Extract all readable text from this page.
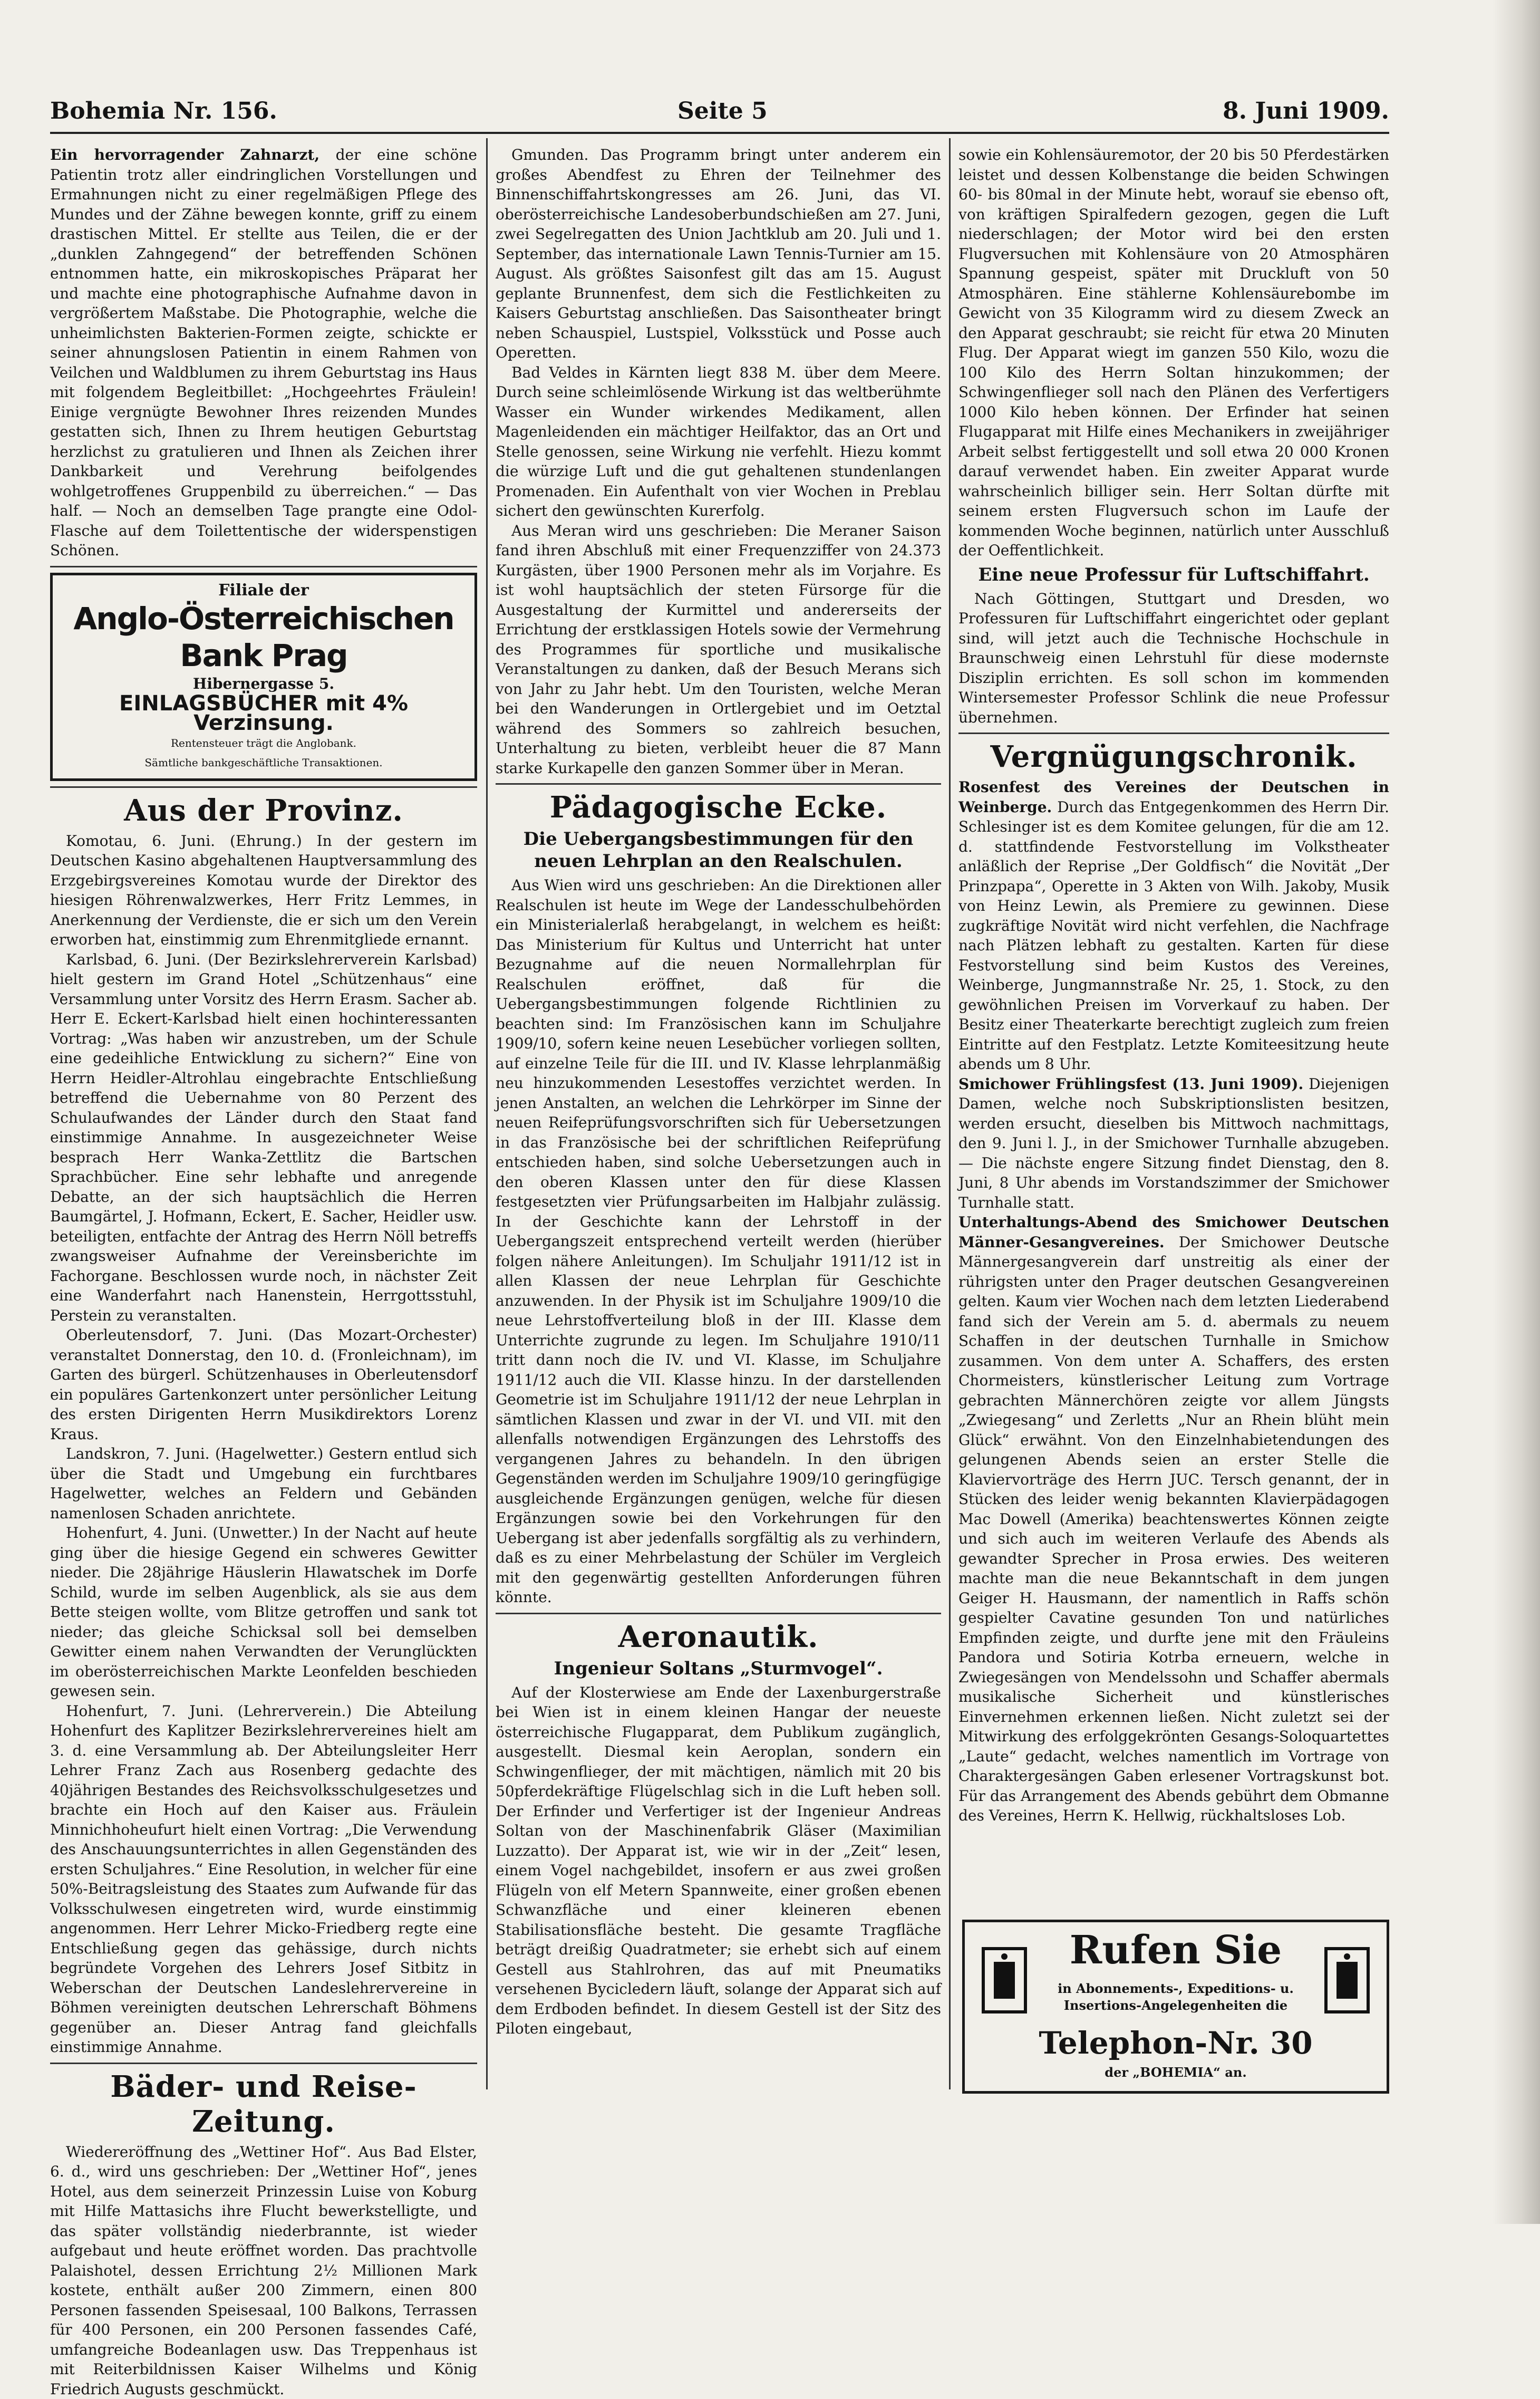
Bohemia Nr. 156.	Seite 5	8. Juni 1909.

Ein hervorragender Zahnarzt, der eine schöne Patientin trotz aller eindringlichen Vorstellungen und Ermahnungen nicht zu einer regelmäßigen Pflege des Mundes und der Zähne bewegen konnte, griff zu einem drastischen Mittel. Er stellte aus Teilen, die er der „dunklen Zahngegend“ der betreffenden Schönen entnommen hatte, ein mikroskopisches Präparat her und machte eine photographische Aufnahme davon in vergrößertem Maßstabe. Die Photographie, welche die unheimlichsten Bakterien-Formen zeigte, schickte er seiner ahnungslosen Patientin in einem Rahmen von Veilchen und Waldblumen zu ihrem Geburtstag ins Haus mit folgendem Begleitbillet: „Hochgeehrtes Fräulein! Einige vergnügte Bewohner Ihres reizenden Mundes gestatten sich, Ihnen zu Ihrem heutigen Geburtstag herzlichst zu gratulieren und Ihnen als Zeichen ihrer Dankbarkeit und Verehrung beifolgendes wohlgetroffenes Gruppenbild zu überreichen.“ — Das half. — Noch an demselben Tage prangte eine Odol-Flasche auf dem Toilettentische der widerspenstigen Schönen.

Filiale der
Anglo-Österreichischen Bank Prag
Hibernergasse 5.
EINLAGSBÜCHER mit 4% Verzinsung.
Rentensteuer trägt die Anglobank.
Sämtliche bankgeschäftliche Transaktionen.
Aus der Provinz.

Komotau, 6. Juni. (Ehrung.) In der gestern im Deutschen Kasino abgehaltenen Hauptversammlung des Erzgebirgsvereines Komotau wurde der Direktor des hiesigen Röhrenwalzwerkes, Herr Fritz Lemmes, in Anerkennung der Verdienste, die er sich um den Verein erworben hat, einstimmig zum Ehrenmitgliede ernannt.

Karlsbad, 6. Juni. (Der Bezirkslehrerverein Karlsbad) hielt gestern im Grand Hotel „Schützenhaus“ eine Versammlung unter Vorsitz des Herrn Erasm. Sacher ab. Herr E. Eckert-Karlsbad hielt einen hochinteressanten Vortrag: „Was haben wir anzustreben, um der Schule eine gedeihliche Entwicklung zu sichern?“ Eine von Herrn Heidler-Altrohlau eingebrachte Entschließung betreffend die Uebernahme von 80 Perzent des Schulaufwandes der Länder durch den Staat fand einstimmige Annahme. In ausgezeichneter Weise besprach Herr Wanka-Zettlitz die Bartschen Sprachbücher. Eine sehr lebhafte und anregende Debatte, an der sich hauptsächlich die Herren Baumgärtel, J. Hofmann, Eckert, E. Sacher, Heidler usw. beteiligten, entfachte der Antrag des Herrn Nöll betreffs zwangsweiser Aufnahme der Vereinsberichte im Fachorgane. Beschlossen wurde noch, in nächster Zeit eine Wanderfahrt nach Hanenstein, Herrgottsstuhl, Perstein zu veranstalten.

Oberleutensdorf, 7. Juni. (Das Mozart-Orchester) veranstaltet Donnerstag, den 10. d. (Fronleichnam), im Garten des bürgerl. Schützenhauses in Oberleutensdorf ein populäres Gartenkonzert unter persönlicher Leitung des ersten Dirigenten Herrn Musikdirektors Lorenz Kraus.

Landskron, 7. Juni. (Hagelwetter.) Gestern entlud sich über die Stadt und Umgebung ein furchtbares Hagelwetter, welches an Feldern und Gebänden namenlosen Schaden anrichtete.

Hohenfurt, 4. Juni. (Unwetter.) In der Nacht auf heute ging über die hiesige Gegend ein schweres Gewitter nieder. Die 28jährige Häuslerin Hlawatschek im Dorfe Schild, wurde im selben Augenblick, als sie aus dem Bette steigen wollte, vom Blitze getroffen und sank tot nieder; das gleiche Schicksal soll bei demselben Gewitter einem nahen Verwandten der Verunglückten im oberösterreichischen Markte Leonfelden beschieden gewesen sein.

Hohenfurt, 7. Juni. (Lehrerverein.) Die Abteilung Hohenfurt des Kaplitzer Bezirkslehrervereines hielt am 3. d. eine Versammlung ab. Der Abteilungsleiter Herr Lehrer Franz Zach aus Rosenberg gedachte des 40jährigen Bestandes des Reichsvolksschulgesetzes und brachte ein Hoch auf den Kaiser aus. Fräulein Minnichhoheufurt hielt einen Vortrag: „Die Verwendung des Anschauungsunterrichtes in allen Gegenständen des ersten Schuljahres.“ Eine Resolution, in welcher für eine 50%-Beitragsleistung des Staates zum Aufwande für das Volksschulwesen eingetreten wird, wurde einstimmig angenommen. Herr Lehrer Micko-Friedberg regte eine Entschließung gegen das gehässige, durch nichts begründete Vorgehen des Lehrers Josef Sitbitz in Weberschan der Deutschen Landeslehrervereine in Böhmen vereinigten deutschen Lehrerschaft Böhmens gegenüber an. Dieser Antrag fand gleichfalls einstimmige Annahme.

Bäder- und Reise-Zeitung.

Wiedereröffnung des „Wettiner Hof“. Aus Bad Elster, 6. d., wird uns geschrieben: Der „Wettiner Hof“, jenes Hotel, aus dem seinerzeit Prinzessin Luise von Koburg mit Hilfe Mattasichs ihre Flucht bewerkstelligte, und das später vollständig niederbrannte, ist wieder aufgebaut und heute eröffnet worden. Das prachtvolle Palaishotel, dessen Errichtung 2½ Millionen Mark kostete, enthält außer 200 Zimmern, einen 800 Personen fassenden Speisesaal, 100 Balkons, Terrassen für 400 Personen, ein 200 Personen fassendes Café, umfangreiche Bodeanlagen usw. Das Treppenhaus ist mit Reiterbildnissen Kaiser Wilhelms und König Friedrich Augusts geschmückt.

Gmunden. Das Programm bringt unter anderem ein großes Abendfest zu Ehren der Teilnehmer des Binnenschiffahrtskongresses am 26. Juni, das VI. oberösterreichische Landesoberbundschießen am 27. Juni, zwei Segelregatten des Union Jachtklub am 20. Juli und 1. September, das internationale Lawn Tennis-Turnier am 15. August. Als größtes Saisonfest gilt das am 15. August geplante Brunnenfest, dem sich die Festlichkeiten zu Kaisers Geburtstag anschließen. Das Saisontheater bringt neben Schauspiel, Lustspiel, Volksstück und Posse auch Operetten.

Bad Veldes in Kärnten liegt 838 M. über dem Meere. Durch seine schleimlösende Wirkung ist das weltberühmte Wasser ein Wunder wirkendes Medikament, allen Magenleidenden ein mächtiger Heilfaktor, das an Ort und Stelle genossen, seine Wirkung nie verfehlt. Hiezu kommt die würzige Luft und die gut gehaltenen stundenlangen Promenaden. Ein Aufenthalt von vier Wochen in Preblau sichert den gewünschten Kurerfolg.

Aus Meran wird uns geschrieben: Die Meraner Saison fand ihren Abschluß mit einer Frequenzziffer von 24.373 Kurgästen, über 1900 Personen mehr als im Vorjahre. Es ist wohl hauptsächlich der steten Fürsorge für die Ausgestaltung der Kurmittel und andererseits der Errichtung der erstklassigen Hotels sowie der Vermehrung des Programmes für sportliche und musikalische Veranstaltungen zu danken, daß der Besuch Merans sich von Jahr zu Jahr hebt. Um den Touristen, welche Meran bei den Wanderungen in Ortlergebiet und im Oetztal während des Sommers so zahlreich besuchen, Unterhaltung zu bieten, verbleibt heuer die 87 Mann starke Kurkapelle den ganzen Sommer über in Meran.

Pädagogische Ecke.
Die Uebergangsbestimmungen für den neuen Lehrplan an den Realschulen.

Aus Wien wird uns geschrieben: An die Direktionen aller Realschulen ist heute im Wege der Landesschulbehörden ein Ministerialerlaß herabgelangt, in welchem es heißt: Das Ministerium für Kultus und Unterricht hat unter Bezugnahme auf die neuen Normallehrplan für Realschulen eröffnet, daß für die Uebergangsbestimmungen folgende Richtlinien zu beachten sind: Im Französischen kann im Schuljahre 1909/10, sofern keine neuen Lesebücher vorliegen sollten, auf einzelne Teile für die III. und IV. Klasse lehrplanmäßig neu hinzukommenden Lesestoffes verzichtet werden. In jenen Anstalten, an welchen die Lehrkörper im Sinne der neuen Reifeprüfungsvorschriften sich für Uebersetzungen in das Französische bei der schriftlichen Reifeprüfung entschieden haben, sind solche Uebersetzungen auch in den oberen Klassen unter den für diese Klassen festgesetzten vier Prüfungsarbeiten im Halbjahr zulässig. In der Geschichte kann der Lehrstoff in der Uebergangszeit entsprechend verteilt werden (hierüber folgen nähere Anleitungen). Im Schuljahr 1911/12 ist in allen Klassen der neue Lehrplan für Geschichte anzuwenden. In der Physik ist im Schuljahre 1909/10 die neue Lehrstoffverteilung bloß in der III. Klasse dem Unterrichte zugrunde zu legen. Im Schuljahre 1910/11 tritt dann noch die IV. und VI. Klasse, im Schuljahre 1911/12 auch die VII. Klasse hinzu. In der darstellenden Geometrie ist im Schuljahre 1911/12 der neue Lehrplan in sämtlichen Klassen und zwar in der VI. und VII. mit den allenfalls notwendigen Ergänzungen des Lehrstoffs des vergangenen Jahres zu behandeln. In den übrigen Gegenständen werden im Schuljahre 1909/10 geringfügige ausgleichende Ergänzungen genügen, welche für diesen Ergänzungen sowie bei den Vorkehrungen für den Uebergang ist aber jedenfalls sorgfältig als zu verhindern, daß es zu einer Mehrbelastung der Schüler im Vergleich mit den gegenwärtig gestellten Anforderungen führen könnte.

Aeronautik.
Ingenieur Soltans „Sturmvogel“.

Auf der Klosterwiese am Ende der Laxenburgerstraße bei Wien ist in einem kleinen Hangar der neueste österreichische Flugapparat, dem Publikum zugänglich, ausgestellt. Diesmal kein Aeroplan, sondern ein Schwingenflieger, der mit mächtigen, nämlich mit 20 bis 50pferdekräftige Flügelschlag sich in die Luft heben soll. Der Erfinder und Verfertiger ist der Ingenieur Andreas Soltan von der Maschinenfabrik Gläser (Maximilian Luzzatto). Der Apparat ist, wie wir in der „Zeit“ lesen, einem Vogel nachgebildet, insofern er aus zwei großen Flügeln von elf Metern Spannweite, einer großen ebenen Schwanzfläche und einer kleineren ebenen Stabilisationsfläche besteht. Die gesamte Tragfläche beträgt dreißig Quadratmeter; sie erhebt sich auf einem Gestell aus Stahlrohren, das auf mit Pneumatiks versehenen Bycicledern läuft, solange der Apparat sich auf dem Erdboden befindet. In diesem Gestell ist der Sitz des Piloten eingebaut,

sowie ein Kohlensäuremotor, der 20 bis 50 Pferdestärken leistet und dessen Kolbenstange die beiden Schwingen 60- bis 80mal in der Minute hebt, worauf sie ebenso oft, von kräftigen Spiralfedern gezogen, gegen die Luft niederschlagen; der Motor wird bei den ersten Flugversuchen mit Kohlensäure von 20 Atmosphären Spannung gespeist, später mit Druckluft von 50 Atmosphären. Eine stählerne Kohlensäurebombe im Gewicht von 35 Kilogramm wird zu diesem Zweck an den Apparat geschraubt; sie reicht für etwa 20 Minuten Flug. Der Apparat wiegt im ganzen 550 Kilo, wozu die 100 Kilo des Herrn Soltan hinzukommen; der Schwingenflieger soll nach den Plänen des Verfertigers 1000 Kilo heben können. Der Erfinder hat seinen Flugapparat mit Hilfe eines Mechanikers in zweijähriger Arbeit selbst fertiggestellt und soll etwa 20 000 Kronen darauf verwendet haben. Ein zweiter Apparat wurde wahrscheinlich billiger sein. Herr Soltan dürfte mit seinem ersten Flugversuch schon im Laufe der kommenden Woche beginnen, natürlich unter Ausschluß der Oeffentlichkeit.

Eine neue Professur für Luftschiffahrt.

Nach Göttingen, Stuttgart und Dresden, wo Professuren für Luftschiffahrt eingerichtet oder geplant sind, will jetzt auch die Technische Hochschule in Braunschweig einen Lehrstuhl für diese modernste Disziplin errichten. Es soll schon im kommenden Wintersemester Professor Schlink die neue Professur übernehmen.

Vergnügungschronik.

Rosenfest des Vereines der Deutschen in Weinberge. Durch das Entgegenkommen des Herrn Dir. Schlesinger ist es dem Komitee gelungen, für die am 12. d. stattfindende Festvorstellung im Volkstheater anläßlich der Reprise „Der Goldfisch“ die Novität „Der Prinzpapa“, Operette in 3 Akten von Wilh. Jakoby, Musik von Heinz Lewin, als Premiere zu gewinnen. Diese zugkräftige Novität wird nicht verfehlen, die Nachfrage nach Plätzen lebhaft zu gestalten. Karten für diese Festvorstellung sind beim Kustos des Vereines, Weinberge, Jungmannstraße Nr. 25, 1. Stock, zu den gewöhnlichen Preisen im Vorverkauf zu haben. Der Besitz einer Theaterkarte berechtigt zugleich zum freien Eintritte auf den Festplatz. Letzte Komiteesitzung heute abends um 8 Uhr.

Smichower Frühlingsfest (13. Juni 1909). Diejenigen Damen, welche noch Subskriptionslisten besitzen, werden ersucht, dieselben bis Mittwoch nachmittags, den 9. Juni l. J., in der Smichower Turnhalle abzugeben. — Die nächste engere Sitzung findet Dienstag, den 8. Juni, 8 Uhr abends im Vorstandszimmer der Smichower Turnhalle statt.

Unterhaltungs-Abend des Smichower Deutschen Männer-Gesangvereines. Der Smichower Deutsche Männergesangverein darf unstreitig als einer der rührigsten unter den Prager deutschen Gesangvereinen gelten. Kaum vier Wochen nach dem letzten Liederabend fand sich der Verein am 5. d. abermals zu neuem Schaffen in der deutschen Turnhalle in Smichow zusammen. Von dem unter A. Schaffers, des ersten Chormeisters, künstlerischer Leitung zum Vortrage gebrachten Männerchören zeigte vor allem Jüngsts „Zwiegesang“ und Zerletts „Nur an Rhein blüht mein Glück“ erwähnt. Von den Einzelnhabietendungen des gelungenen Abends seien an erster Stelle die Klaviervorträge des Herrn JUC. Tersch genannt, der in Stücken des leider wenig bekannten Klavierpädagogen Mac Dowell (Amerika) beachtenswertes Können zeigte und sich auch im weiteren Verlaufe des Abends als gewandter Sprecher in Prosa erwies. Des weiteren machte man die neue Bekanntschaft in dem jungen Geiger H. Hausmann, der namentlich in Raffs schön gespielter Cavatine gesunden Ton und natürliches Empfinden zeigte, und durfte jene mit den Fräuleins Pandora und Sotiria Kotrba erneuern, welche in Zwiegesängen von Mendelssohn und Schaffer abermals musikalische Sicherheit und künstlerisches Einvernehmen erkennen ließen. Nicht zuletzt sei der Mitwirkung des erfolggekrönten Gesangs-Soloquartettes „Laute“ gedacht, welches namentlich im Vortrage von Charaktergesängen Gaben erlesener Vortragskunst bot. Für das Arrangement des Abends gebührt dem Obmanne des Vereines, Herrn K. Hellwig, rückhaltsloses Lob.

Rufen Sie
in Abonnements-, Expeditions- u. Insertions-Angelegenheiten die
Telephon-Nr. 30
der „BOHEMIA“ an.
